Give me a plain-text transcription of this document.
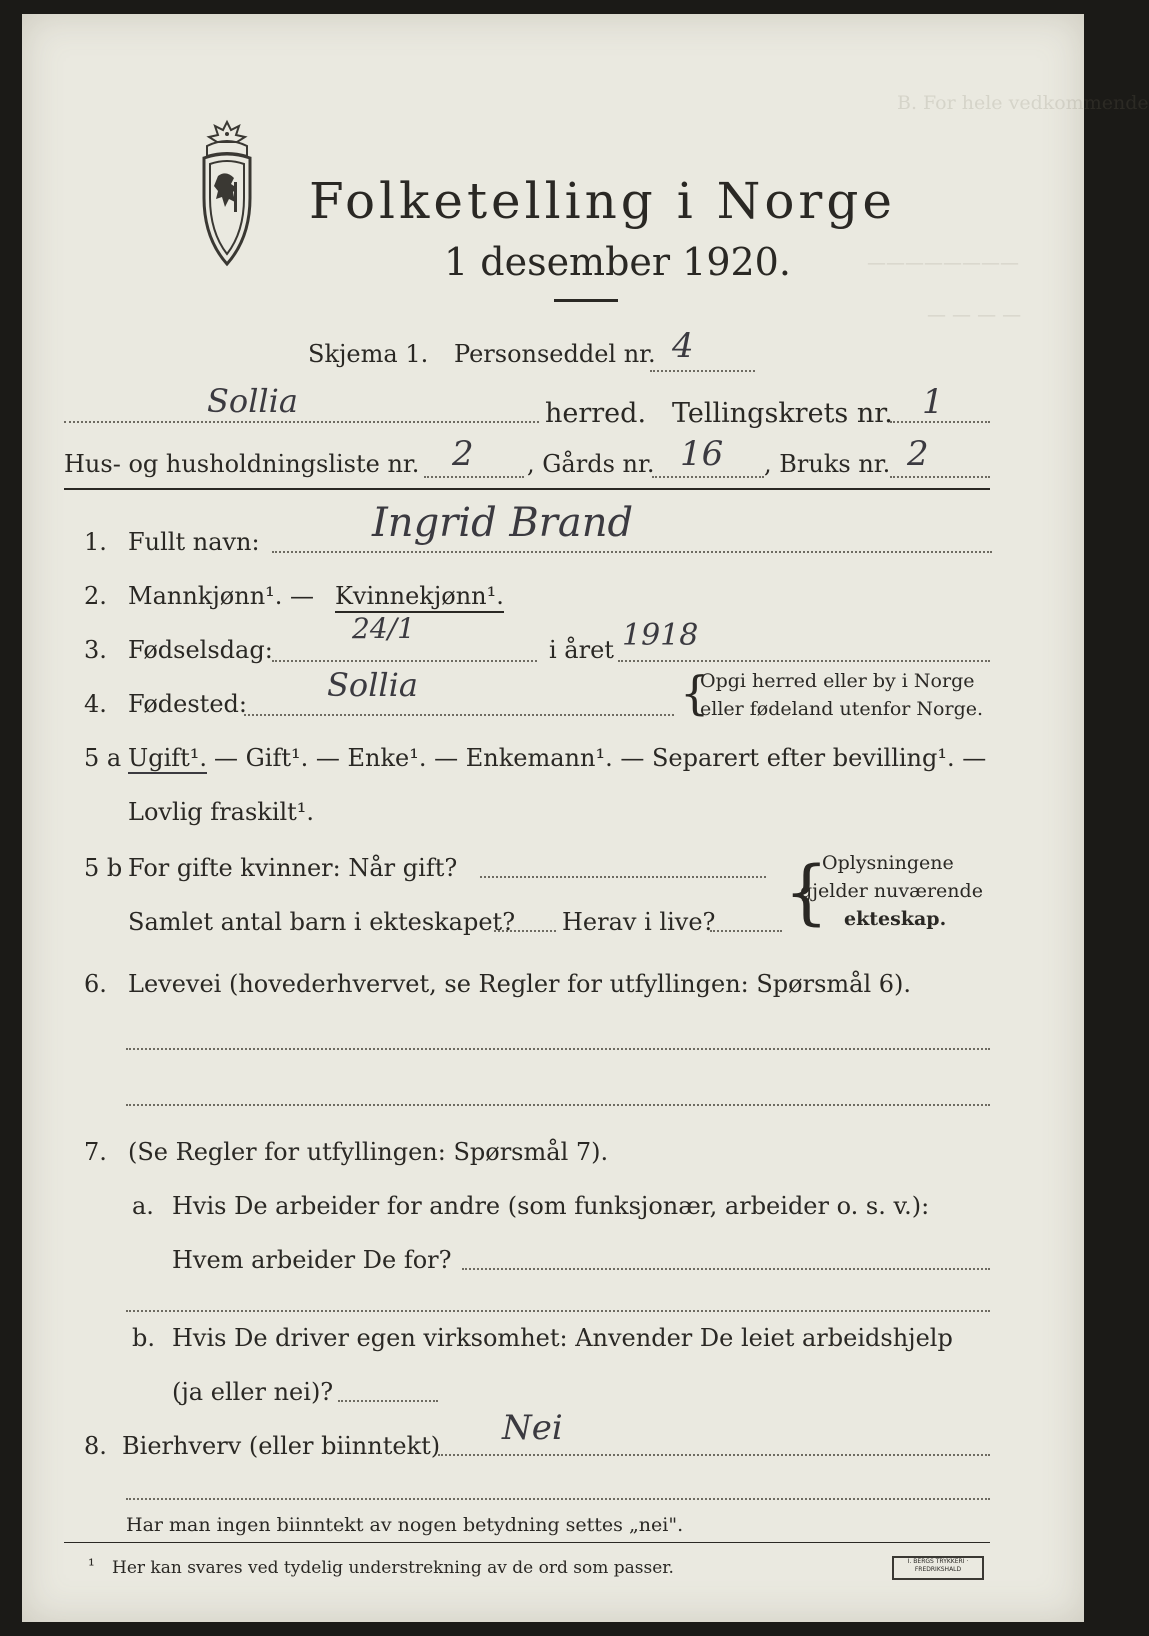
B. For hele vedkommende
————————
— — — —
Folketelling i Norge
1 desember 1920.
Skjema 1. Personseddel nr. 4
Sollia	herred. Tellingskrets nr. 1
Hus- og husholdningsliste nr. 2 , Gårds nr. 16 , Bruks nr. 2
1. Fullt navn:	Ingrid Brand
2. Mannkjønn¹. — Kvinnekjønn¹.
3. Fødselsdag:
24/1
i året 1918
4. Fødested:	Sollia	{
Opgi herred eller by i Norge
eller fødeland utenfor Norge.
5 a Ugift¹. — Gift¹. — Enke¹. — Enkemann¹. — Separert efter bevilling¹. —
Lovlig fraskilt¹.
5 b For gifte kvinner: Når gift?
Samlet antal barn i ekteskapet? Herav i live? {
Oplysningene
gjelder nuværende
ekteskap.
6. Levevei (hovederhvervet, se Regler for utfyllingen: Spørsmål 6).
7. (Se Regler for utfyllingen: Spørsmål 7).
a. Hvis De arbeider for andre (som funksjonær, arbeider o. s. v.):
Hvem arbeider De for?
b. Hvis De driver egen virksomhet: Anvender De leiet arbeidshjelp
(ja eller nei)?
8. Bierhverv (eller biinntekt) Nei
Har man ingen biinntekt av nogen betydning settes „nei".
¹ Her kan svares ved tydelig understrekning av de ord som passer.	I. BERGS TRYKKERI · FREDRIKSHALD
